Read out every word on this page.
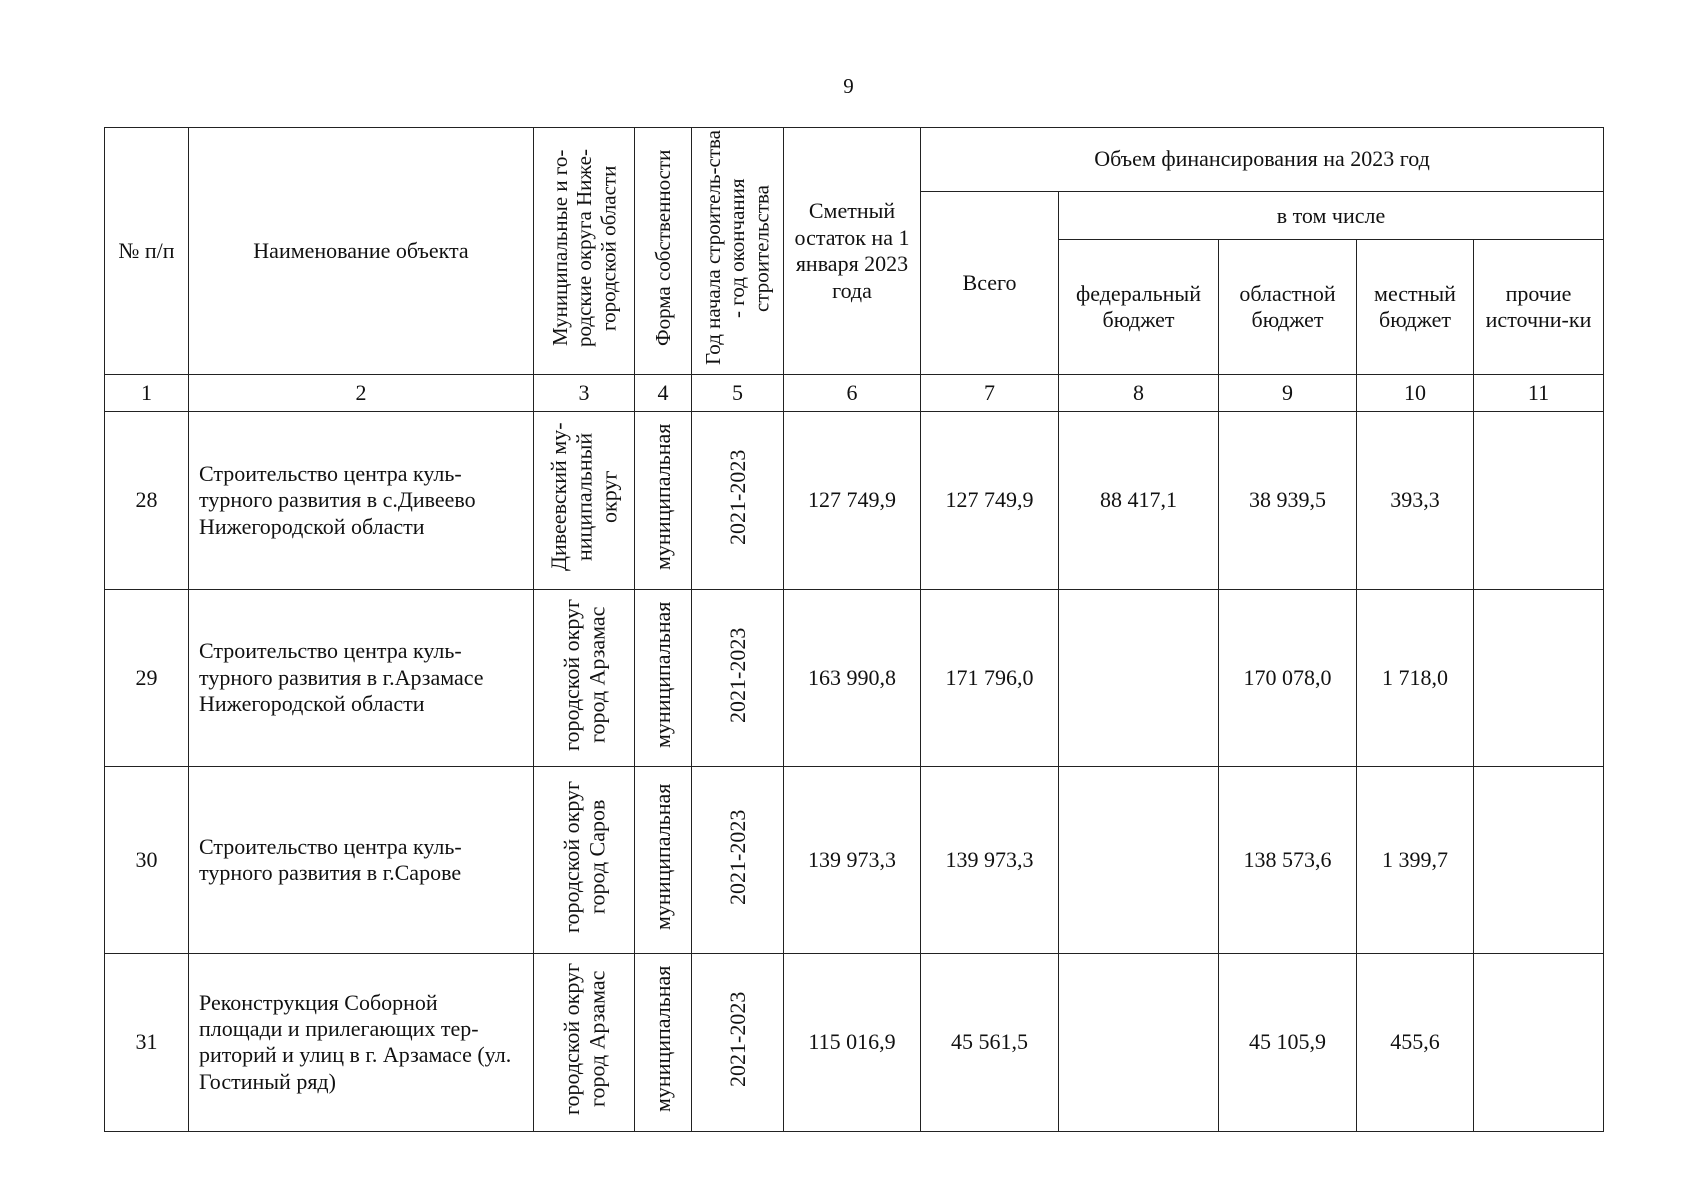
9
№ п/п	Наименование объекта	Муниципальные и го-родские округа Ниже-городской области	Форма собственности	Год начала строитель-ства - год окончания строительства	Сметный остаток на 1 января 2023 года	Объем финансирования на 2023 год				
						Всего	в том числе			
							федеральный бюджет	областной бюджет	местный бюджет	прочие источни-ки
1	2	3	4	5	6	7	8	9	10	11
28	Строительство центра куль-турного развития в с.Дивеево Нижегородской области	Дивеевский му-ниципальный округ	муниципальная	2021-2023	127 749,9	127 749,9	88 417,1	38 939,5	393,3	
29	Строительство центра куль-турного развития в г.Арзамасе Нижегородской области	городской округ город Арзамас	муниципальная	2021-2023	163 990,8	171 796,0		170 078,0	1 718,0	
30	Строительство центра куль-турного развития в г.Сарове	городской округ город Саров	муниципальная	2021-2023	139 973,3	139 973,3		138 573,6	1 399,7	
31	Реконструкция Соборной площади и прилегающих тер-риторий и улиц в г. Арзамасе (ул. Гостиный ряд)	городской округ город Арзамас	муниципальная	2021-2023	115 016,9	45 561,5		45 105,9	455,6	
